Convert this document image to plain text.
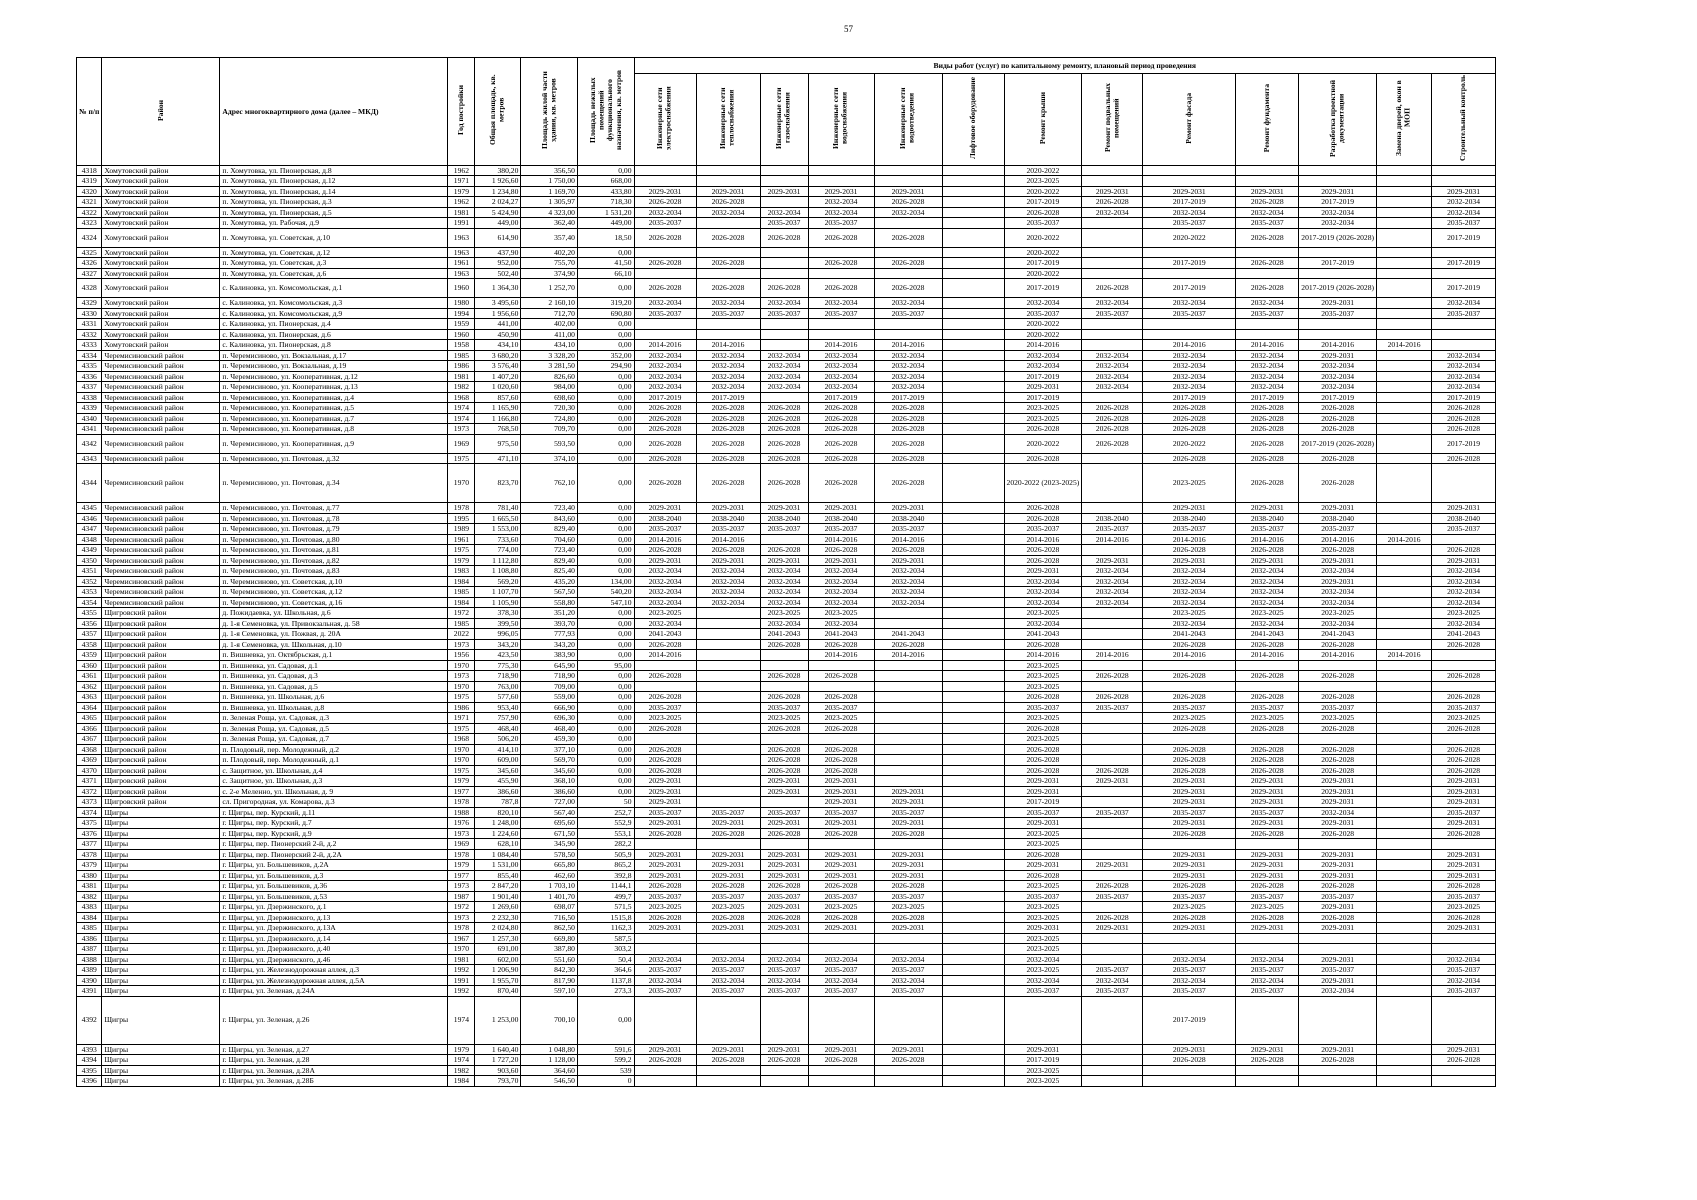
57
№ п/п	Район	Адрес многоквартирного дома (далее – МКД)	Год постройки	Общая площадь, кв. метров	Площадь жилой части здания, кв. метров	Площадь нежилых помещений функционального назначения, кв. метров	Виды работ (услуг) по капитальному ремонту, плановый период проведения												
							Инженерные сети электроснабжения	Инженерные сети теплоснабжения	Инженерные сети газоснабжения	Инженерные сети водоснабжения	Инженерные сети водоотведения	Лифтовое оборудование	Ремонт крыши	Ремонт подвальных помещений	Ремонт фасада	Ремонт фундамента	Разработка проектной документации	Замена дверей, окон в МОП	Строительный контроль
4318	Хомутовский район	п. Хомутовка, ул. Пионерская, д.8	1962	380,20	356,50	0,00							2020-2022						
4319	Хомутовский район	п. Хомутовка, ул. Пионерская, д.12	1971	1 926,60	1 750,00	668,00							2023-2025						
4320	Хомутовский район	п. Хомутовка, ул. Пионерская, д.14	1979	1 234,80	1 169,70	433,80	2029-2031	2029-2031	2029-2031	2029-2031	2029-2031		2020-2022	2029-2031	2029-2031	2029-2031	2029-2031		2029-2031
4321	Хомутовский район	п. Хомутовка, ул. Пионерская, д.3	1962	2 024,27	1 305,97	718,30	2026-2028	2026-2028		2032-2034	2026-2028		2017-2019	2026-2028	2017-2019	2026-2028	2017-2019		2032-2034
4322	Хомутовский район	п. Хомутовка, ул. Пионерская, д.5	1981	5 424,90	4 323,00	1 531,20	2032-2034	2032-2034	2032-2034	2032-2034	2032-2034		2026-2028	2032-2034	2032-2034	2032-2034	2032-2034		2032-2034
4323	Хомутовский район	п. Хомутовка, ул. Рабочая, д.9	1991	449,00	362,40	449,00	2035-2037		2035-2037	2035-2037			2035-2037		2035-2037	2035-2037	2032-2034		2035-2037
4324	Хомутовский район	п. Хомутовка, ул. Советская, д.10	1963	614,90	357,40	18,50	2026-2028	2026-2028	2026-2028	2026-2028	2026-2028		2020-2022		2020-2022	2026-2028	2017-2019 (2026-2028)		2017-2019
4325	Хомутовский район	п. Хомутовка, ул. Советская, д.12	1963	437,90	402,20	0,00							2020-2022						
4326	Хомутовский район	п. Хомутовка, ул. Советская, д.3	1961	952,00	755,70	41,50	2026-2028	2026-2028		2026-2028	2026-2028		2017-2019		2017-2019	2026-2028	2017-2019		2017-2019
4327	Хомутовский район	п. Хомутовка, ул. Советская, д.6	1963	502,40	374,90	66,10							2020-2022						
4328	Хомутовский район	с. Калиновка, ул. Комсомольская, д.1	1960	1 364,30	1 252,70	0,00	2026-2028	2026-2028	2026-2028	2026-2028	2026-2028		2017-2019	2026-2028	2017-2019	2026-2028	2017-2019 (2026-2028)		2017-2019
4329	Хомутовский район	с. Калиновка, ул. Комсомольская, д.3	1980	3 495,60	2 160,10	319,20	2032-2034	2032-2034	2032-2034	2032-2034	2032-2034		2032-2034	2032-2034	2032-2034	2032-2034	2029-2031		2032-2034
4330	Хомутовский район	с. Калиновка, ул. Комсомольская, д.9	1994	1 956,60	712,70	690,80	2035-2037	2035-2037	2035-2037	2035-2037	2035-2037		2035-2037	2035-2037	2035-2037	2035-2037	2035-2037		2035-2037
4331	Хомутовский район	с. Калиновка, ул. Пионерская, д.4	1959	441,00	402,00	0,00							2020-2022						
4332	Хомутовский район	с. Калиновка, ул. Пионерская, д.6	1960	450,90	411,00	0,00							2020-2022						
4333	Хомутовский район	с. Калиновка, ул. Пионерская, д.8	1958	434,10	434,10	0,00	2014-2016	2014-2016		2014-2016	2014-2016		2014-2016		2014-2016	2014-2016	2014-2016	2014-2016	
4334	Черемисиновский район	п. Черемисиново, ул. Вокзальная, д.17	1985	3 680,20	3 328,20	352,00	2032-2034	2032-2034	2032-2034	2032-2034	2032-2034		2032-2034	2032-2034	2032-2034	2032-2034	2029-2031		2032-2034
4335	Черемисиновский район	п. Черемисиново, ул. Вокзальная, д.19	1986	3 576,40	3 281,50	294,90	2032-2034	2032-2034	2032-2034	2032-2034	2032-2034		2032-2034	2032-2034	2032-2034	2032-2034	2032-2034		2032-2034
4336	Черемисиновский район	п. Черемисиново, ул. Кооперативная, д.12	1981	1 407,20	826,60	0,00	2032-2034	2032-2034	2032-2034	2032-2034	2032-2034		2017-2019	2032-2034	2032-2034	2032-2034	2032-2034		2032-2034
4337	Черемисиновский район	п. Черемисиново, ул. Кооперативная, д.13	1982	1 020,60	984,00	0,00	2032-2034	2032-2034	2032-2034	2032-2034	2032-2034		2029-2031	2032-2034	2032-2034	2032-2034	2032-2034		2032-2034
4338	Черемисиновский район	п. Черемисиново, ул. Кооперативная, д.4	1968	857,60	698,60	0,00	2017-2019	2017-2019		2017-2019	2017-2019		2017-2019		2017-2019	2017-2019	2017-2019		2017-2019
4339	Черемисиновский район	п. Черемисиново, ул. Кооперативная, д.5	1974	1 165,90	720,30	0,00	2026-2028	2026-2028	2026-2028	2026-2028	2026-2028		2023-2025	2026-2028	2026-2028	2026-2028	2026-2028		2026-2028
4340	Черемисиновский район	п. Черемисиново, ул. Кооперативная, д.7	1974	1 166,80	724,80	0,00	2026-2028	2026-2028	2026-2028	2026-2028	2026-2028		2023-2025	2026-2028	2026-2028	2026-2028	2026-2028		2026-2028
4341	Черемисиновский район	п. Черемисиново, ул. Кооперативная, д.8	1973	768,50	709,70	0,00	2026-2028	2026-2028	2026-2028	2026-2028	2026-2028		2026-2028	2026-2028	2026-2028	2026-2028	2026-2028		2026-2028
4342	Черемисиновский район	п. Черемисиново, ул. Кооперативная, д.9	1969	975,50	593,50	0,00	2026-2028	2026-2028	2026-2028	2026-2028	2026-2028		2020-2022	2026-2028	2020-2022	2026-2028	2017-2019 (2026-2028)		2017-2019
4343	Черемисиновский район	п. Черемисиново, ул. Почтовая, д.32	1975	471,10	374,10	0,00	2026-2028	2026-2028	2026-2028	2026-2028	2026-2028		2026-2028		2026-2028	2026-2028	2026-2028		2026-2028
4344	Черемисиновский район	п. Черемисиново, ул. Почтовая, д.34	1970	823,70	762,10	0,00	2026-2028	2026-2028	2026-2028	2026-2028	2026-2028		2020-2022 (2023-2025)		2023-2025	2026-2028	2026-2028		
4345	Черемисиновский район	п. Черемисиново, ул. Почтовая, д.77	1978	781,40	723,40	0,00	2029-2031	2029-2031	2029-2031	2029-2031	2029-2031		2026-2028		2029-2031	2029-2031	2029-2031		2029-2031
4346	Черемисиновский район	п. Черемисиново, ул. Почтовая, д.78	1995	1 665,50	843,60	0,00	2038-2040	2038-2040	2038-2040	2038-2040	2038-2040		2026-2028	2038-2040	2038-2040	2038-2040	2038-2040		2038-2040
4347	Черемисиновский район	п. Черемисиново, ул. Почтовая, д.79	1989	1 553,00	829,40	0,00	2035-2037	2035-2037	2035-2037	2035-2037	2035-2037		2035-2037	2035-2037	2035-2037	2035-2037	2035-2037		2035-2037
4348	Черемисиновский район	п. Черемисиново, ул. Почтовая, д.80	1961	733,60	704,60	0,00	2014-2016	2014-2016		2014-2016	2014-2016		2014-2016	2014-2016	2014-2016	2014-2016	2014-2016	2014-2016	
4349	Черемисиновский район	п. Черемисиново, ул. Почтовая, д.81	1975	774,00	723,40	0,00	2026-2028	2026-2028	2026-2028	2026-2028	2026-2028		2026-2028		2026-2028	2026-2028	2026-2028		2026-2028
4350	Черемисиновский район	п. Черемисиново, ул. Почтовая, д.82	1979	1 112,80	829,40	0,00	2029-2031	2029-2031	2029-2031	2029-2031	2029-2031		2026-2028	2029-2031	2029-2031	2029-2031	2029-2031		2029-2031
4351	Черемисиновский район	п. Черемисиново, ул. Почтовая, д.83	1983	1 108,80	825,40	0,00	2032-2034	2032-2034	2032-2034	2032-2034	2032-2034		2029-2031	2032-2034	2032-2034	2032-2034	2032-2034		2032-2034
4352	Черемисиновский район	п. Черемисиново, ул. Советская, д.10	1984	569,20	435,20	134,00	2032-2034	2032-2034	2032-2034	2032-2034	2032-2034		2032-2034	2032-2034	2032-2034	2032-2034	2029-2031		2032-2034
4353	Черемисиновский район	п. Черемисиново, ул. Советская, д.12	1985	1 107,70	567,50	540,20	2032-2034	2032-2034	2032-2034	2032-2034	2032-2034		2032-2034	2032-2034	2032-2034	2032-2034	2032-2034		2032-2034
4354	Черемисиновский район	п. Черемисиново, ул. Советская, д.16	1984	1 105,90	558,80	547,10	2032-2034	2032-2034	2032-2034	2032-2034	2032-2034		2032-2034	2032-2034	2032-2034	2032-2034	2032-2034		2032-2034
4355	Щигровский район	д. Пожидаевка, ул. Школьная, д.6	1972	378,30	351,20	0,00	2023-2025		2023-2025	2023-2025			2023-2025		2023-2025	2023-2025	2023-2025		2023-2025
4356	Щигровский район	д. 1-я Семеновка, ул. Привокзальная, д. 58	1985	399,50	393,70	0,00	2032-2034		2032-2034	2032-2034			2032-2034		2032-2034	2032-2034	2032-2034		2032-2034
4357	Щигровский район	д. 1-я Семеновка, ул. Пожвая, д. 20А	2022	996,05	777,93	0,00	2041-2043		2041-2043	2041-2043	2041-2043		2041-2043		2041-2043	2041-2043	2041-2043		2041-2043
4358	Щигровский район	д. 1-я Семеновка, ул. Школьная, д.10	1973	343,20	343,20	0,00	2026-2028		2026-2028	2026-2028	2026-2028		2026-2028		2026-2028	2026-2028	2026-2028		2026-2028
4359	Щигровский район	п. Вишневка, ул. Октябрьская, д.1	1956	423,50	383,90	0,00	2014-2016			2014-2016	2014-2016		2014-2016	2014-2016	2014-2016	2014-2016	2014-2016	2014-2016	
4360	Щигровский район	п. Вишневка, ул. Садовая, д.1	1970	775,30	645,90	95,00							2023-2025						
4361	Щигровский район	п. Вишневка, ул. Садовая, д.3	1973	718,90	718,90	0,00	2026-2028		2026-2028	2026-2028			2023-2025	2026-2028	2026-2028	2026-2028	2026-2028		2026-2028
4362	Щигровский район	п. Вишневка, ул. Садовая, д.5	1970	763,00	709,00	0,00							2023-2025						
4363	Щигровский район	п. Вишневка, ул. Школьная, д.6	1975	577,60	559,00	0,00	2026-2028		2026-2028	2026-2028			2026-2028	2026-2028	2026-2028	2026-2028	2026-2028		2026-2028
4364	Щигровский район	п. Вишневка, ул. Школьная, д.8	1986	953,40	666,90	0,00	2035-2037		2035-2037	2035-2037			2035-2037	2035-2037	2035-2037	2035-2037	2035-2037		2035-2037
4365	Щигровский район	п. Зеленая Роща, ул. Садовая, д.3	1971	757,90	696,30	0,00	2023-2025		2023-2025	2023-2025			2023-2025		2023-2025	2023-2025	2023-2025		2023-2025
4366	Щигровский район	п. Зеленая Роща, ул. Садовая, д.5	1975	468,40	468,40	0,00	2026-2028		2026-2028	2026-2028			2026-2028		2026-2028	2026-2028	2026-2028		2026-2028
4367	Щигровский район	п. Зеленая Роща, ул. Садовая, д.7	1968	506,20	459,30	0,00							2023-2025						
4368	Щигровский район	п. Плодовый, пер. Молодежный, д.2	1970	414,10	377,10	0,00	2026-2028		2026-2028	2026-2028			2026-2028		2026-2028	2026-2028	2026-2028		2026-2028
4369	Щигровский район	п. Плодовый, пер. Молодежный, д.1	1970	609,00	569,70	0,00	2026-2028		2026-2028	2026-2028			2026-2028		2026-2028	2026-2028	2026-2028		2026-2028
4370	Щигровский район	с. Защитное, ул. Школьная, д.4	1975	345,60	345,60	0,00	2026-2028		2026-2028	2026-2028			2026-2028	2026-2028	2026-2028	2026-2028	2026-2028		2026-2028
4371	Щигровский район	с. Защитное, ул. Школьная, д.3	1979	455,90	368,10	0,00	2029-2031		2029-2031	2029-2031			2029-2031	2029-2031	2029-2031	2029-2031	2029-2031		2029-2031
4372	Щигровский район	с. 2-е Меленно, ул. Школьная, д. 9	1977	386,60	386,60	0,00	2029-2031		2029-2031	2029-2031	2029-2031		2029-2031		2029-2031	2029-2031	2029-2031		2029-2031
4373	Щигровский район	сл. Пригородная, ул. Комарова, д.3	1978	787,8	727,00	50	2029-2031			2029-2031	2029-2031		2017-2019		2029-2031	2029-2031	2029-2031		2029-2031
4374	Щигры	г. Щигры, пер. Курский, д.11	1988	820,10	567,40	252,7	2035-2037	2035-2037	2035-2037	2035-2037	2035-2037		2035-2037	2035-2037	2035-2037	2035-2037	2032-2034		2035-2037
4375	Щигры	г. Щигры, пер. Курский, д.7	1976	1 248,00	695,60	552,9	2029-2031	2029-2031	2029-2031	2029-2031	2029-2031		2029-2031		2029-2031	2029-2031	2029-2031		2029-2031
4376	Щигры	г. Щигры, пер. Курский, д.9	1973	1 224,60	671,50	553,1	2026-2028	2026-2028	2026-2028	2026-2028	2026-2028		2023-2025		2026-2028	2026-2028	2026-2028		2026-2028
4377	Щигры	г. Щигры, пер. Пионерский 2-й, д.2	1969	628,10	345,90	282,2							2023-2025						
4378	Щигры	г. Щигры, пер. Пионерский 2-й, д.2А	1978	1 084,40	578,50	505,9	2029-2031	2029-2031	2029-2031	2029-2031	2029-2031		2026-2028		2029-2031	2029-2031	2029-2031		2029-2031
4379	Щигры	г. Щигры, ул. Большевиков, д.2А	1979	1 531,00	665,80	865,2	2029-2031	2029-2031	2029-2031	2029-2031	2029-2031		2029-2031	2029-2031	2029-2031	2029-2031	2029-2031		2029-2031
4380	Щигры	г. Щигры, ул. Большевиков, д.3	1977	855,40	462,60	392,8	2029-2031	2029-2031	2029-2031	2029-2031	2029-2031		2026-2028		2029-2031	2029-2031	2029-2031		2029-2031
4381	Щигры	г. Щигры, ул. Большевиков, д.36	1973	2 847,20	1 703,10	1144,1	2026-2028	2026-2028	2026-2028	2026-2028	2026-2028		2023-2025	2026-2028	2026-2028	2026-2028	2026-2028		2026-2028
4382	Щигры	г. Щигры, ул. Большевиков, д.53	1987	1 901,40	1 401,70	499,7	2035-2037	2035-2037	2035-2037	2035-2037	2035-2037		2035-2037	2035-2037	2035-2037	2035-2037	2035-2037		2035-2037
4383	Щигры	г. Щигры, ул. Дзержинского, д.1	1972	1 269,60	698,07	571,5	2023-2025	2023-2025	2029-2031	2023-2025	2023-2025		2023-2025		2023-2025	2023-2025	2029-2031		2023-2025
4384	Щигры	г. Щигры, ул. Дзержинского, д.13	1973	2 232,30	716,50	1515,8	2026-2028	2026-2028	2026-2028	2026-2028	2026-2028		2023-2025	2026-2028	2026-2028	2026-2028	2026-2028		2026-2028
4385	Щигры	г. Щигры, ул. Дзержинского, д.13А	1978	2 024,80	862,50	1162,3	2029-2031	2029-2031	2029-2031	2029-2031	2029-2031		2029-2031	2029-2031	2029-2031	2029-2031	2029-2031		2029-2031
4386	Щигры	г. Щигры, ул. Дзержинского, д.14	1967	1 257,30	669,80	587,5							2023-2025						
4387	Щигры	г. Щигры, ул. Дзержинского, д.40	1970	691,00	387,80	303,2							2023-2025						
4388	Щигры	г. Щигры, ул. Дзержинского, д.46	1981	602,00	551,60	50,4	2032-2034	2032-2034	2032-2034	2032-2034	2032-2034		2032-2034		2032-2034	2032-2034	2029-2031		2032-2034
4389	Щигры	г. Щигры, ул. Железнодорожная аллея, д.3	1992	1 206,90	842,30	364,6	2035-2037	2035-2037	2035-2037	2035-2037	2035-2037		2023-2025	2035-2037	2035-2037	2035-2037	2035-2037		2035-2037
4390	Щигры	г. Щигры, ул. Железнодорожная аллея, д.5А	1991	1 955,70	817,90	1137,8	2032-2034	2032-2034	2032-2034	2032-2034	2032-2034		2032-2034	2032-2034	2032-2034	2032-2034	2029-2031		2032-2034
4391	Щигры	г. Щигры, ул. Зеленая, д.24А	1992	870,40	597,10	273,3	2035-2037	2035-2037	2035-2037	2035-2037	2035-2037		2035-2037	2035-2037	2035-2037	2035-2037	2032-2034		2035-2037
4392	Щигры	г. Щигры, ул. Зеленая, д.26	1974	1 253,00	700,10	0,00									2017-2019				
4393	Щигры	г. Щигры, ул. Зеленая, д.27	1979	1 640,40	1 048,80	591,6	2029-2031	2029-2031	2029-2031	2029-2031	2029-2031		2029-2031		2029-2031	2029-2031	2029-2031		2029-2031
4394	Щигры	г. Щигры, ул. Зеленая, д.28	1974	1 727,20	1 128,00	599,2	2026-2028	2026-2028	2026-2028	2026-2028	2026-2028		2017-2019		2026-2028	2026-2028	2026-2028		2026-2028
4395	Щигры	г. Щигры, ул. Зеленая, д.28А	1982	903,60	364,60	539							2023-2025						
4396	Щигры	г. Щигры, ул. Зеленая, д.28Б	1984	793,70	546,50	0							2023-2025						
